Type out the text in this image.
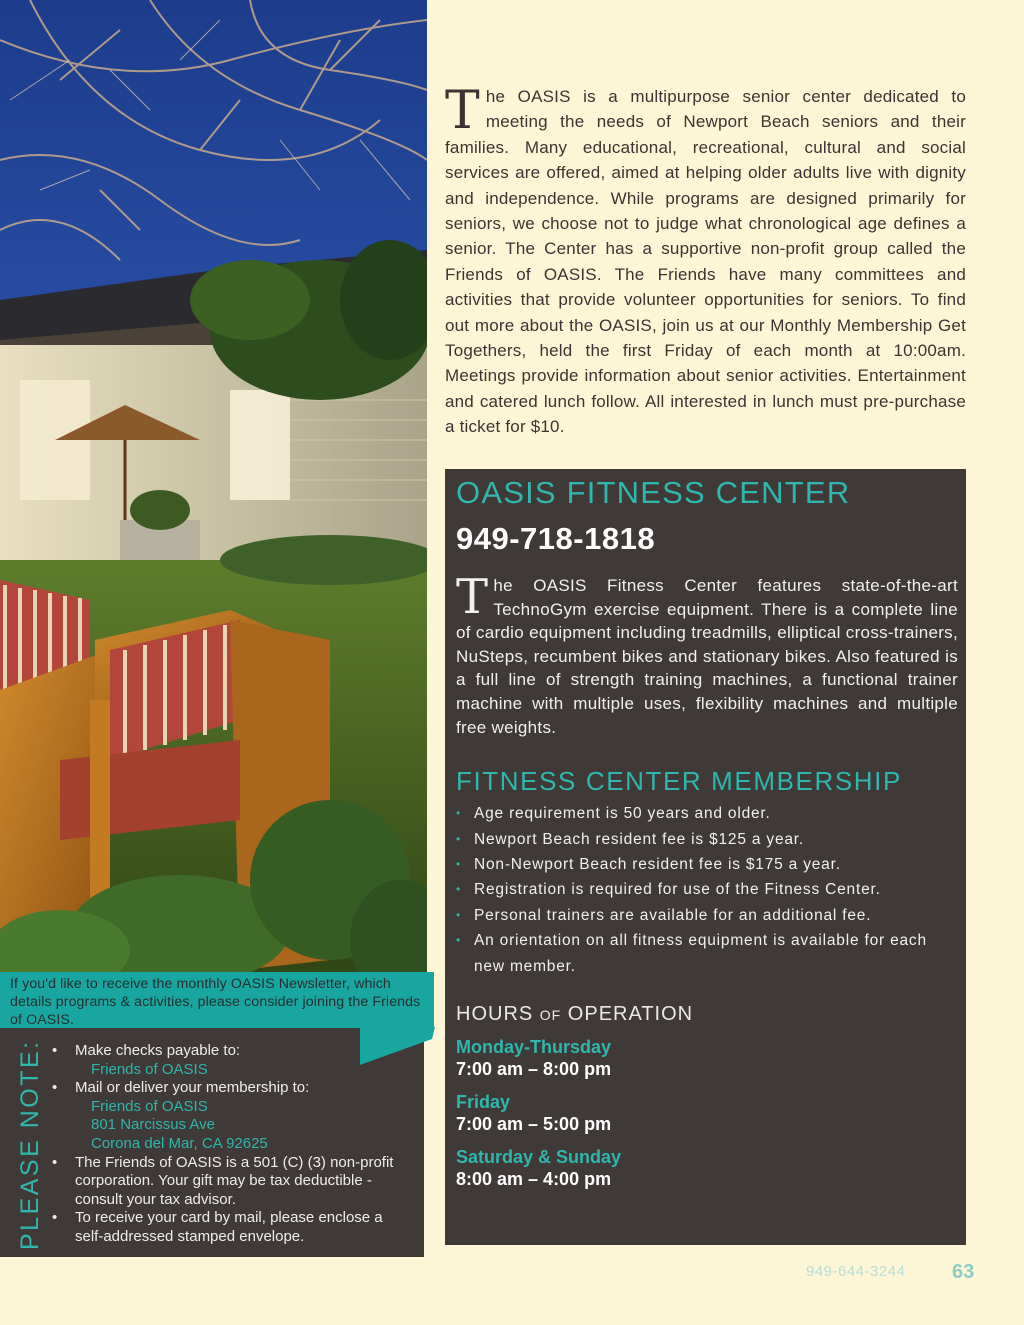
The OASIS is a multipurpose senior center dedicated to meeting the needs of Newport Beach seniors and their families. Many educational, recreational, cultural and social services are offered, aimed at helping older adults live with dignity and independence. While programs are designed primarily for seniors, we choose not to judge what chronological age defines a senior. The Center has a supportive non-profit group called the Friends of OASIS. The Friends have many committees and activities that provide volunteer opportunities for seniors. To find out more about the OASIS, join us at our Monthly Membership Get Togethers, held the first Friday of each month at 10:00am. Meetings provide information about senior activities. Entertainment and catered lunch follow. All interested in lunch must pre-purchase a ticket for $10.
OASIS FITNESS CENTER
949-718-1818
The OASIS Fitness Center features state-of-the-art TechnoGym exercise equipment. There is a complete line of cardio equipment including treadmills, elliptical cross-trainers, NuSteps, recumbent bikes and stationary bikes. Also featured is a full line of strength training machines, a functional trainer machine with multiple uses, flexibility machines and multiple free weights.
FITNESS CENTER MEMBERSHIP
• Age requirement is 50 years and older.
• Newport Beach resident fee is $125 a year.
• Non-Newport Beach resident fee is $175 a year.
• Registration is required for use of the Fitness Center.
• Personal trainers are available for an additional fee.
• An orientation on all fitness equipment is available for each new member.
HOURS OF OPERATION
Monday-Thursday
7:00 am – 8:00 pm
Friday
7:00 am – 5:00 pm
Saturday & Sunday
8:00 am – 4:00 pm
If you'd like to receive the monthly OASIS Newsletter, which details programs & activities, please consider joining the Friends of OASIS.
PLEASE NOTE:
•	Make checks payable to:
Friends of OASIS
• Mail or deliver your membership to:
Friends of OASIS
801 Narcissus Ave
Corona del Mar, CA 92625
• The Friends of OASIS is a 501 (C) (3) non-profit corporation. Your gift may be tax deductible - consult your tax advisor.
• To receive your card by mail, please enclose a self-addressed stamped envelope.
949-644-3244 63
